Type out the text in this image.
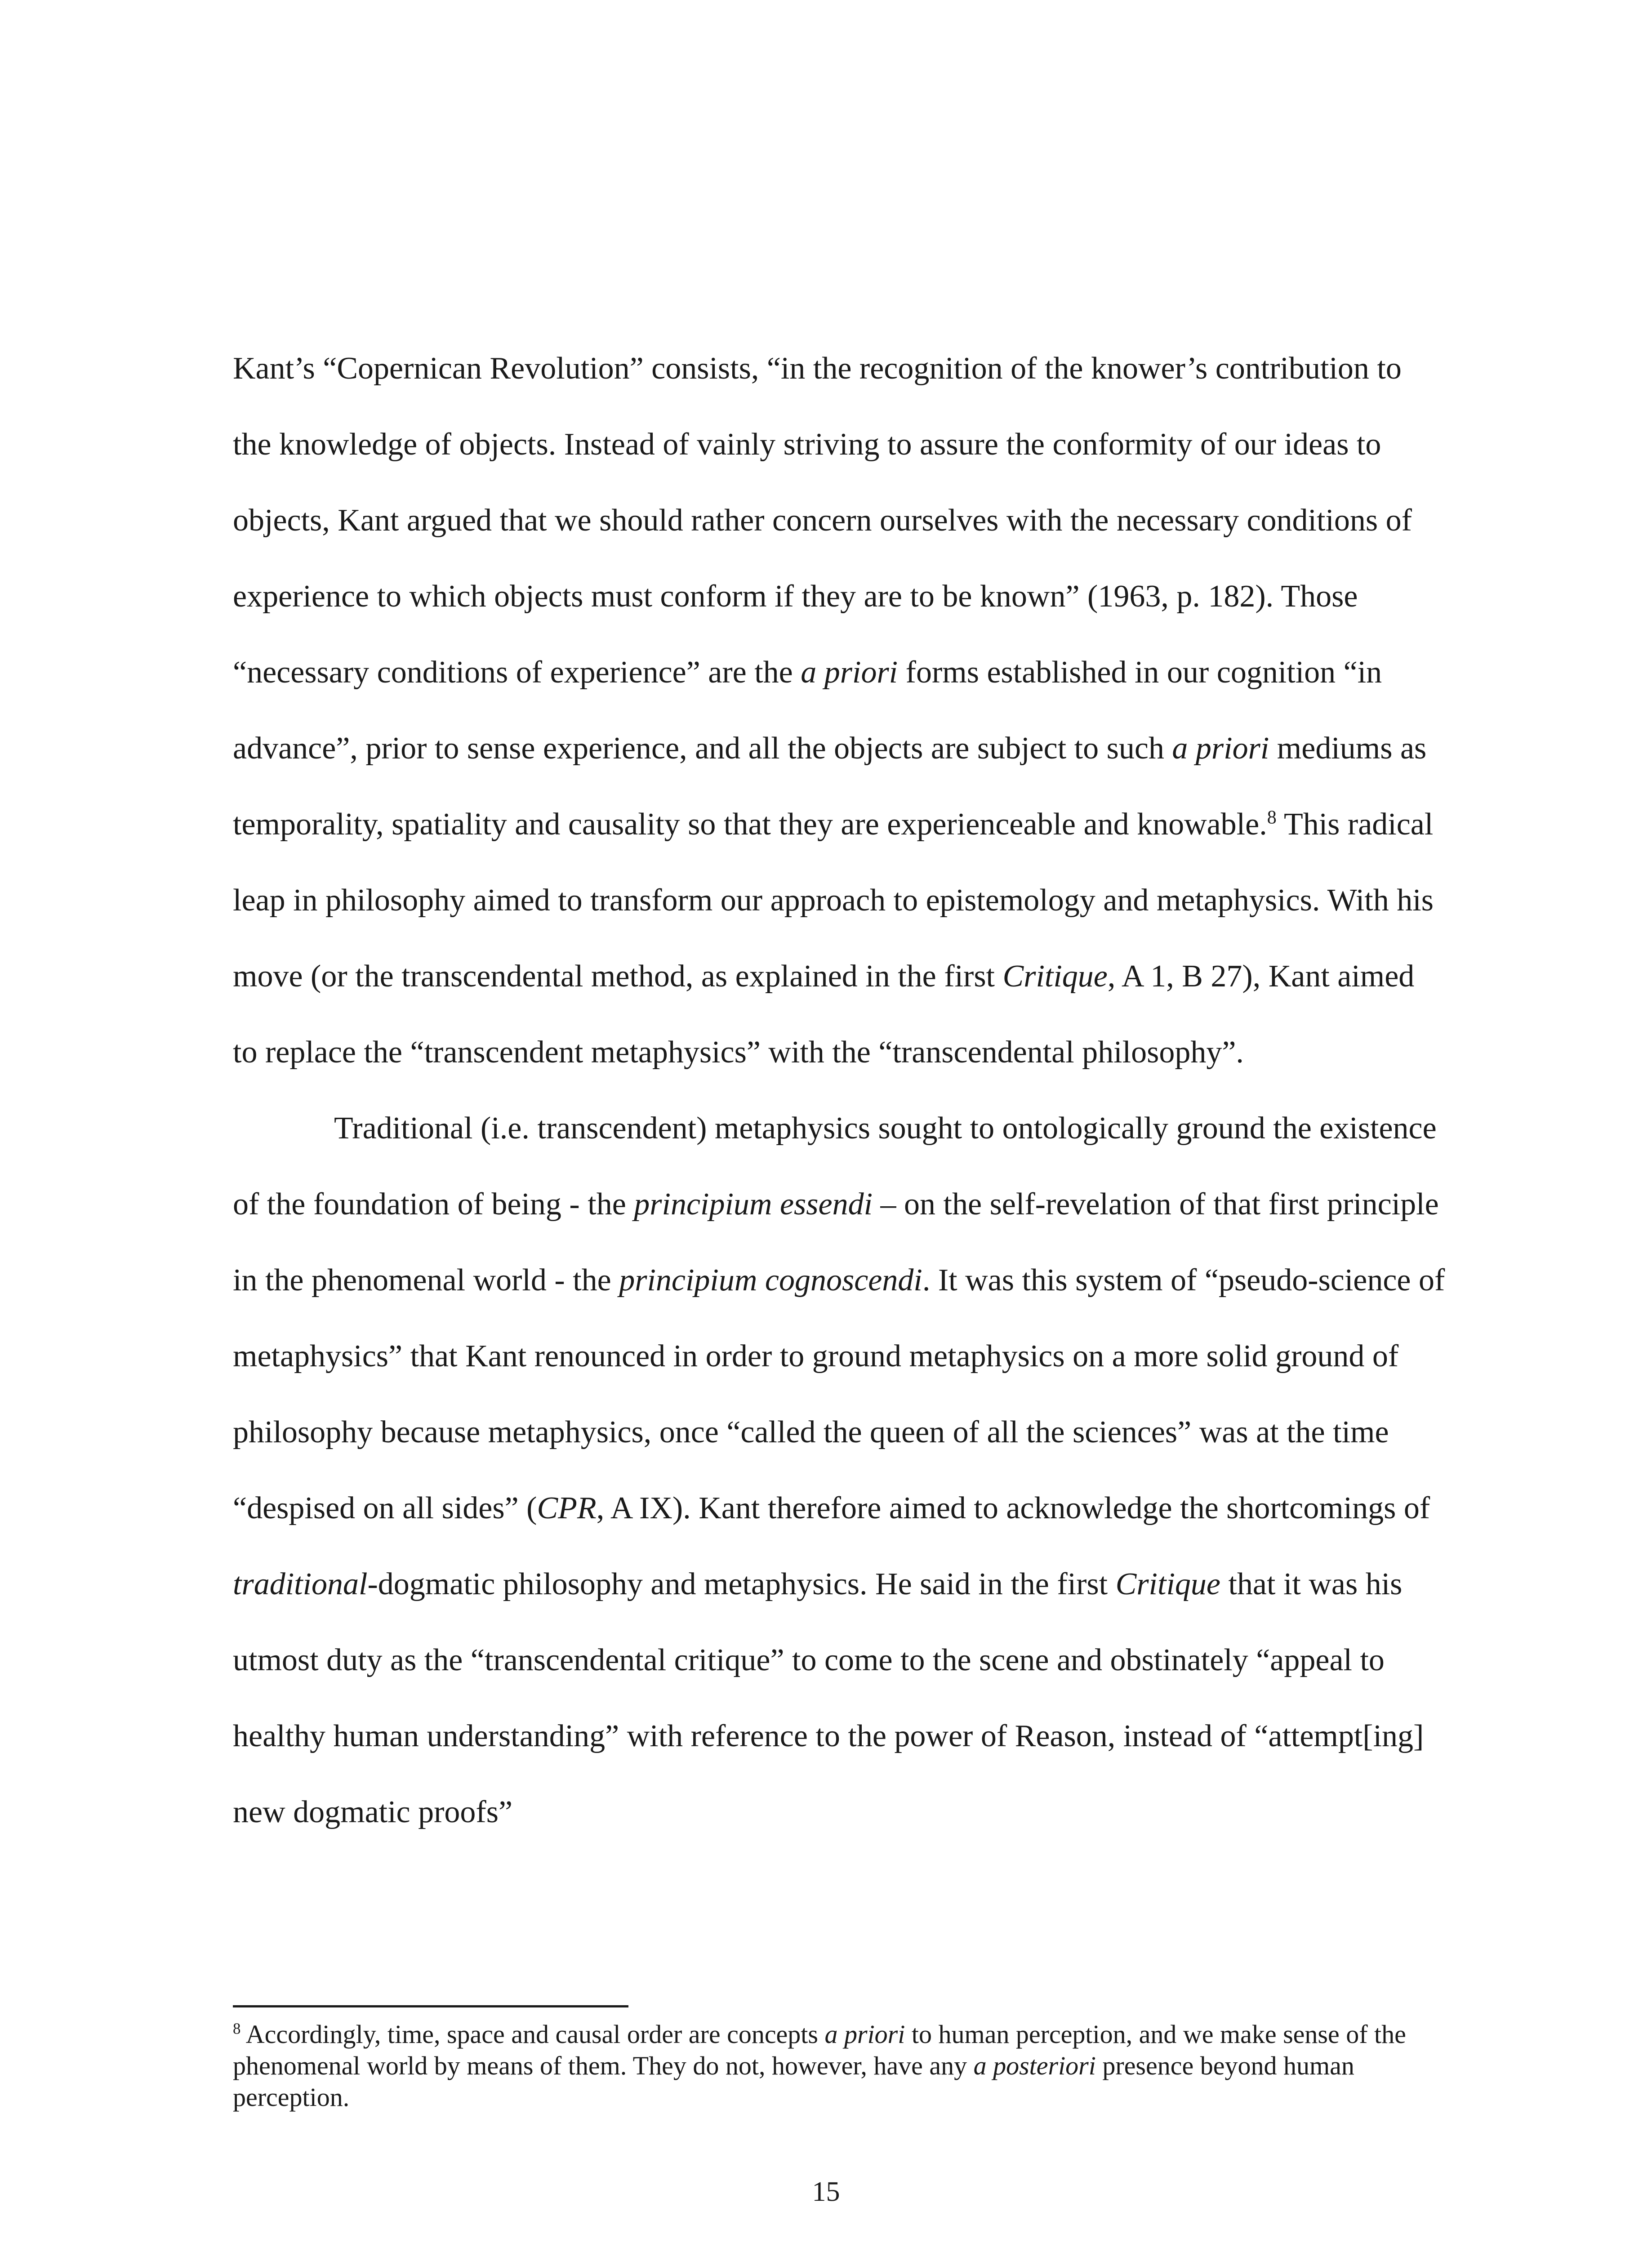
Kant’s “Copernican Revolution” consists, “in the recognition of the knower’s contribution to the knowledge of objects. Instead of vainly striving to assure the conformity of our ideas to objects, Kant argued that we should rather concern ourselves with the necessary conditions of experience to which objects must conform if they are to be known” (1963, p. 182). Those “necessary conditions of experience” are the a priori forms established in our cognition “in advance”, prior to sense experience, and all the objects are subject to such a priori mediums as temporality, spatiality and causality so that they are experienceable and knowable.$^8$ This radical leap in philosophy aimed to transform our approach to epistemology and metaphysics. With his move (or the transcendental method, as explained in the first Critique, A 1, B 27), Kant aimed to replace the “transcendent metaphysics” with the “transcendental philosophy”.

Traditional (i.e. transcendent) metaphysics sought to ontologically ground the existence of the foundation of being - the principium essendi – on the self-revelation of that first principle in the phenomenal world - the principium cognoscendi. It was this system of “pseudo-science of metaphysics” that Kant renounced in order to ground metaphysics on a more solid ground of philosophy because metaphysics, once “called the queen of all the sciences” was at the time “despised on all sides” (CPR, A IX). Kant therefore aimed to acknowledge the shortcomings of traditional-dogmatic philosophy and metaphysics. He said in the first Critique that it was his utmost duty as the “transcendental critique” to come to the scene and obstinately “appeal to healthy human understanding” with reference to the power of Reason, instead of “attempt[ing] new dogmatic proofs”

$^8$ Accordingly, time, space and causal order are concepts a priori to human perception, and we make sense of the phenomenal world by means of them. They do not, however, have any a posteriori presence beyond human perception.

15
